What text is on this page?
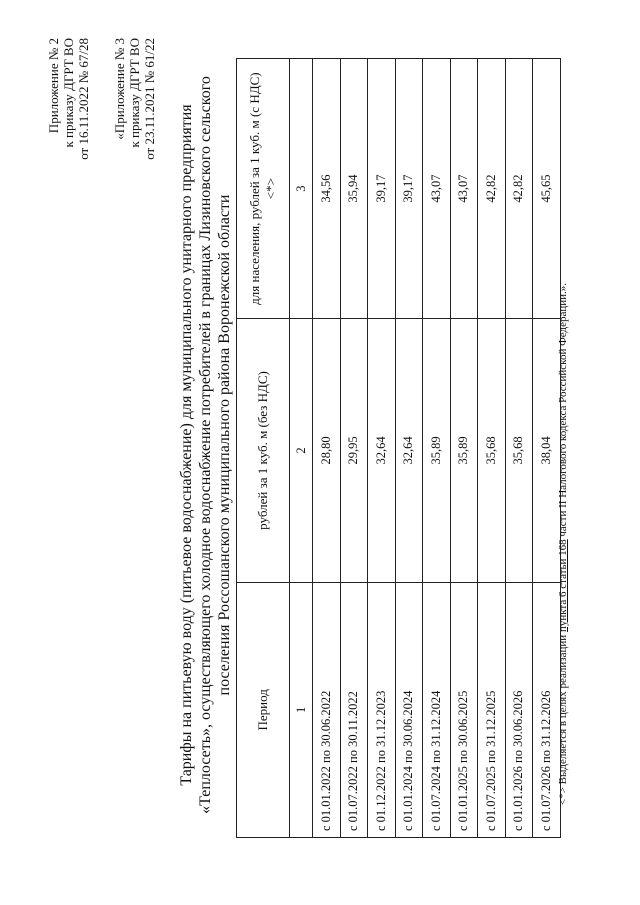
Приложение № 2 к приказу ДГРТ ВО от 16.11.2022 № 67/28 «Приложение № 3 к приказу ДГРТ ВО от 23.11.2021 № 61/22
Тарифы на питьевую воду (питьевое водоснабжение) для муниципального унитарного предприятия «Теплосеть», осуществляющего холодное водоснабжение потребителей в границах Лизиновского сельского поселения Россошанского муниципального района Воронежской области
Период	рублей за 1 куб. м (без НДС)	для населения, рублей за 1 куб. м (с НДС) <*>
1	2	3
с 01.01.2022 по 30.06.2022	28,80	34,56
с 01.07.2022 по 30.11.2022	29,95	35,94
с 01.12.2022 по 31.12.2023	32,64	39,17
с 01.01.2024 по 30.06.2024	32,64	39,17
с 01.07.2024 по 31.12.2024	35,89	43,07
с 01.01.2025 по 30.06.2025	35,89	43,07
с 01.07.2025 по 31.12.2025	35,68	42,82
с 01.01.2026 по 30.06.2026	35,68	42,82
с 01.07.2026 по 31.12.2026	38,04	45,65
<*> Выделяется в целях реализации пункта 6 статьи 168 части II Налогового кодекса Российской Федерации.».
